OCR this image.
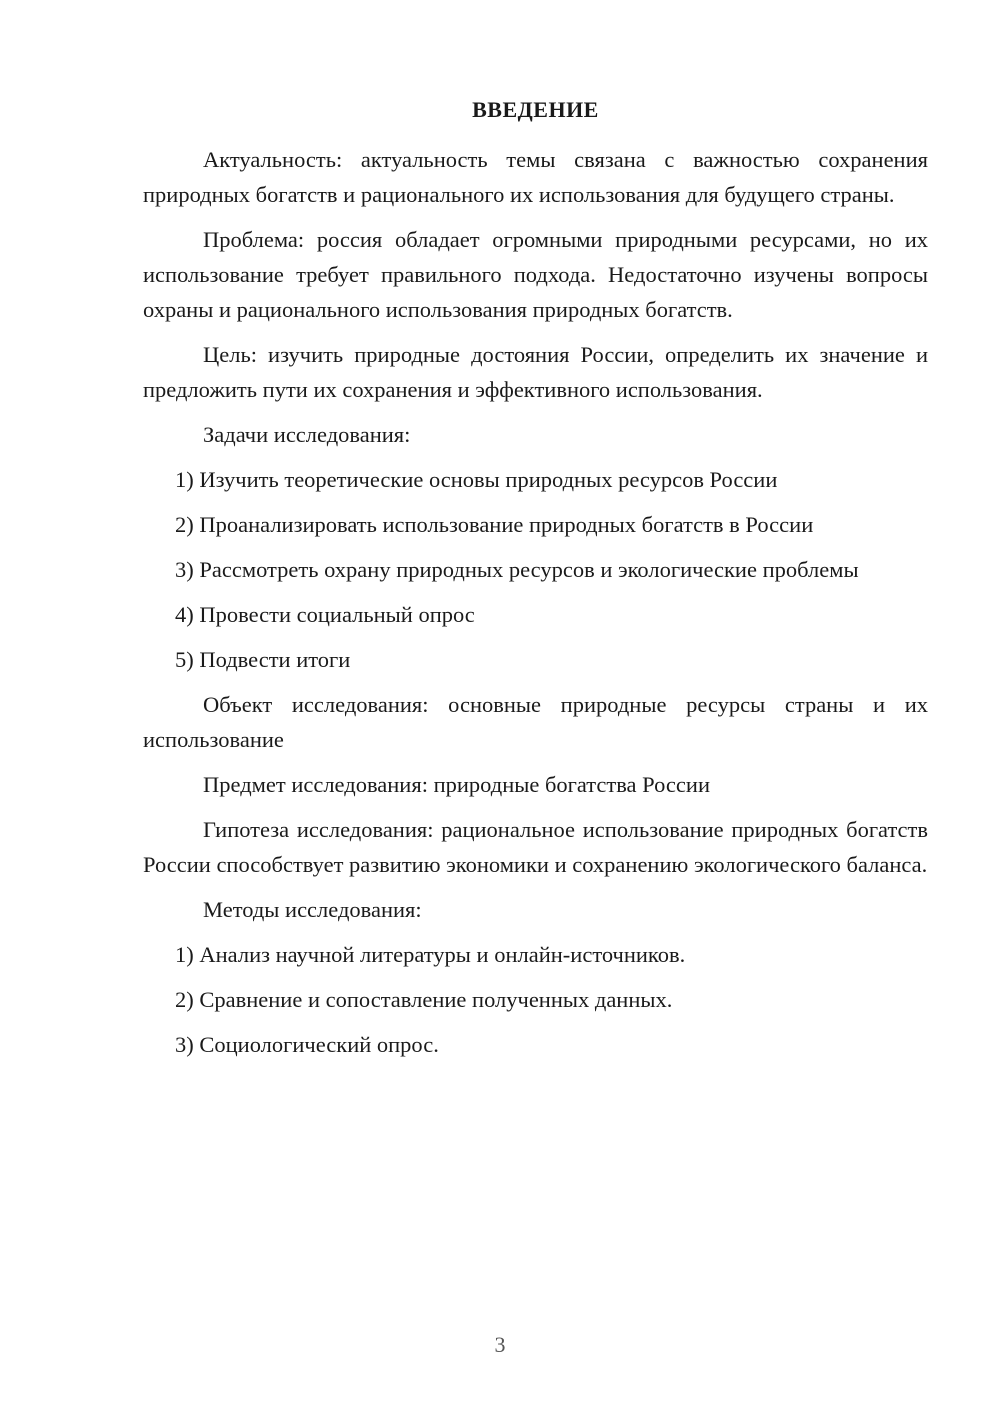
ВВЕДЕНИЕ

Актуальность: актуальность темы связана с важностью сохранения природных богатств и рационального их использования для будущего страны.

Проблема: россия обладает огромными природными ресурсами, но их использование требует правильного подхода. Недостаточно изучены вопросы охраны и рационального использования природных богатств.

Цель: изучить природные достояния России, определить их значение и предложить пути их сохранения и эффективного использования.

Задачи исследования:

1) Изучить теоретические основы природных ресурсов России

2) Проанализировать использование природных богатств в России

3) Рассмотреть охрану природных ресурсов и экологические проблемы

4) Провести социальный опрос

5) Подвести итоги

Объект исследования: основные природные ресурсы страны и их использование

Предмет исследования: природные богатства России

Гипотеза исследования: рациональное использование природных богатств России способствует развитию экономики и сохранению экологического баланса.

Методы исследования:

1) Анализ научной литературы и онлайн-источников.

2) Сравнение и сопоставление полученных данных.

3) Социологический опрос.

3
